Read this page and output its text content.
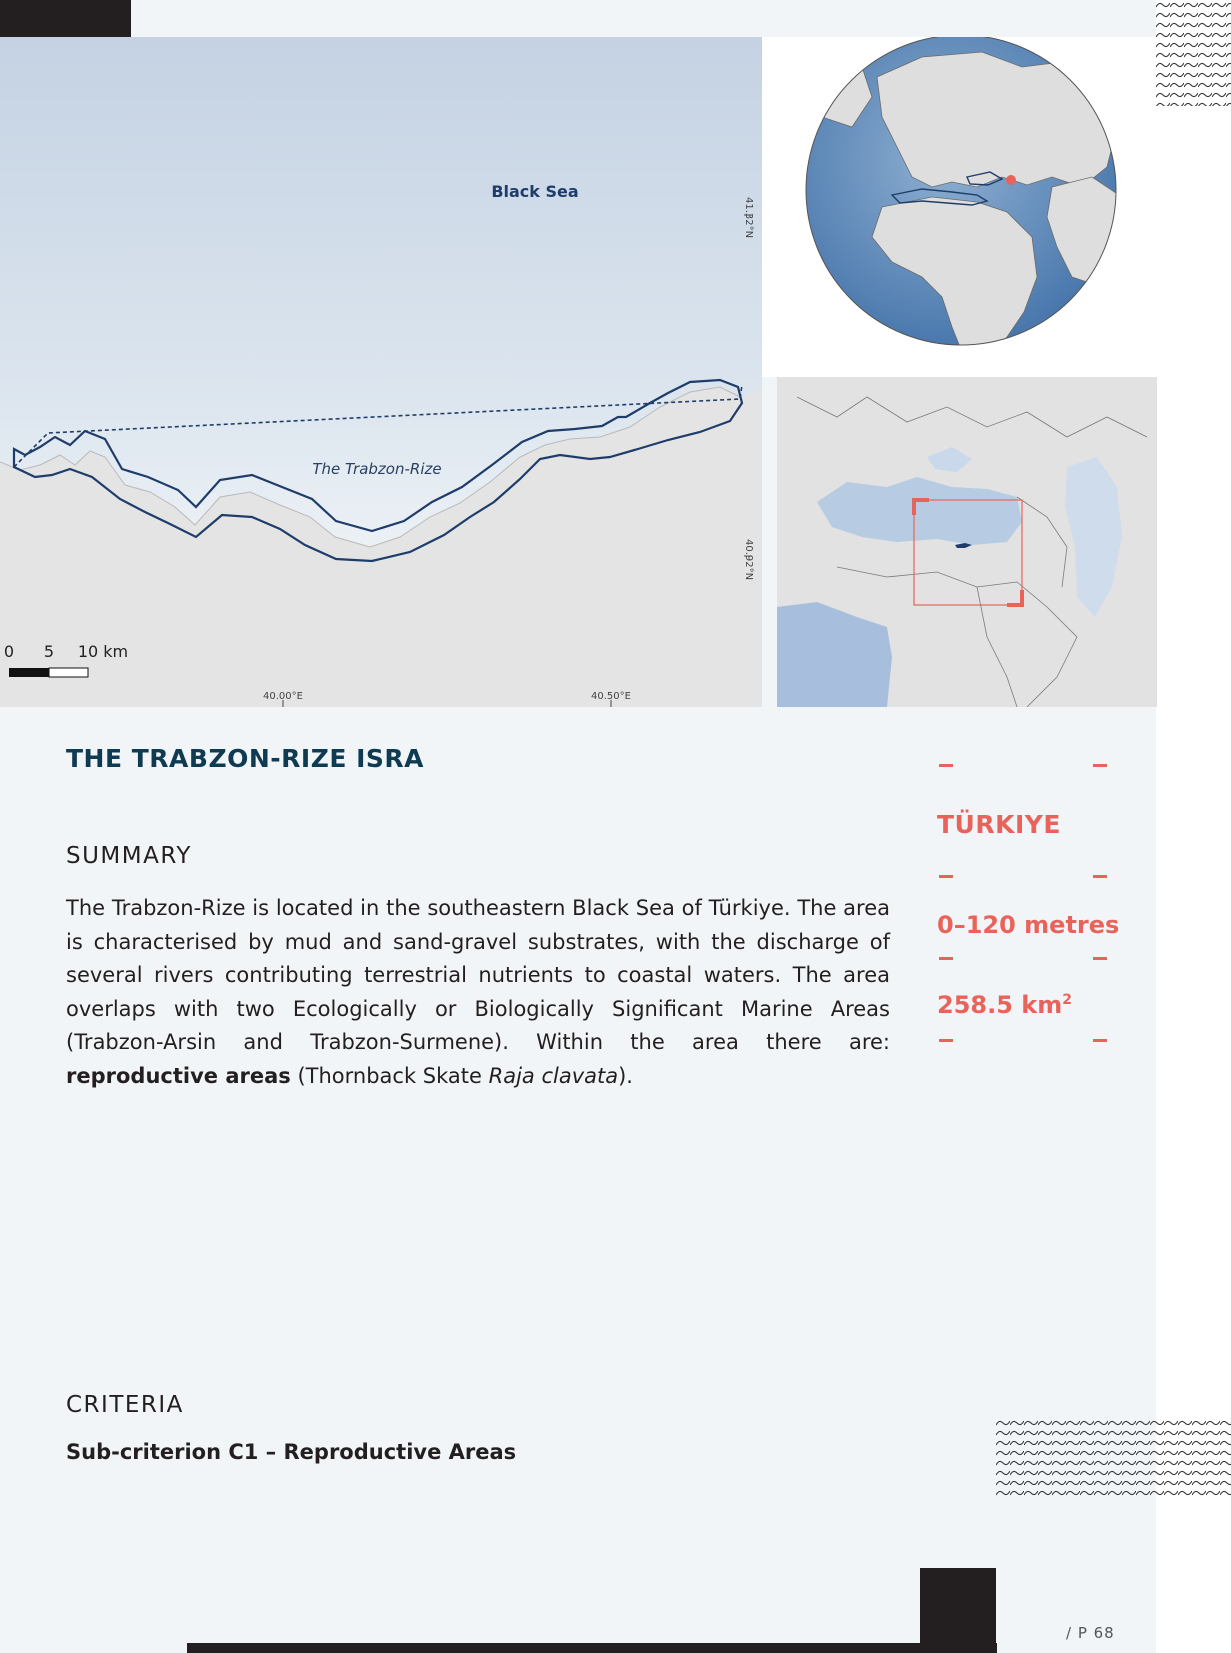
Black Sea
The Trabzon-Rize
41.32°N
40.92°N
40.00°E	40.50°E
0 5 10 km
THE TRABZON-RIZE ISRA
SUMMARY
The Trabzon-Rize is located in the southeastern Black Sea of Türkiye. The area is characterised by mud and sand-gravel substrates, with the discharge of several rivers contributing terrestrial nutrients to coastal waters. The area overlaps with two Ecologically or Biologically Significant Marine Areas (Trabzon-Arsin and Trabzon-Surmene). Within the area there are: reproductive areas (Thornback Skate Raja clavata).
CRITERIA
Sub-criterion C1 – Reproductive Areas
TÜRKIYE
0–120 metres
258.5 $km^2$
/ P 68
